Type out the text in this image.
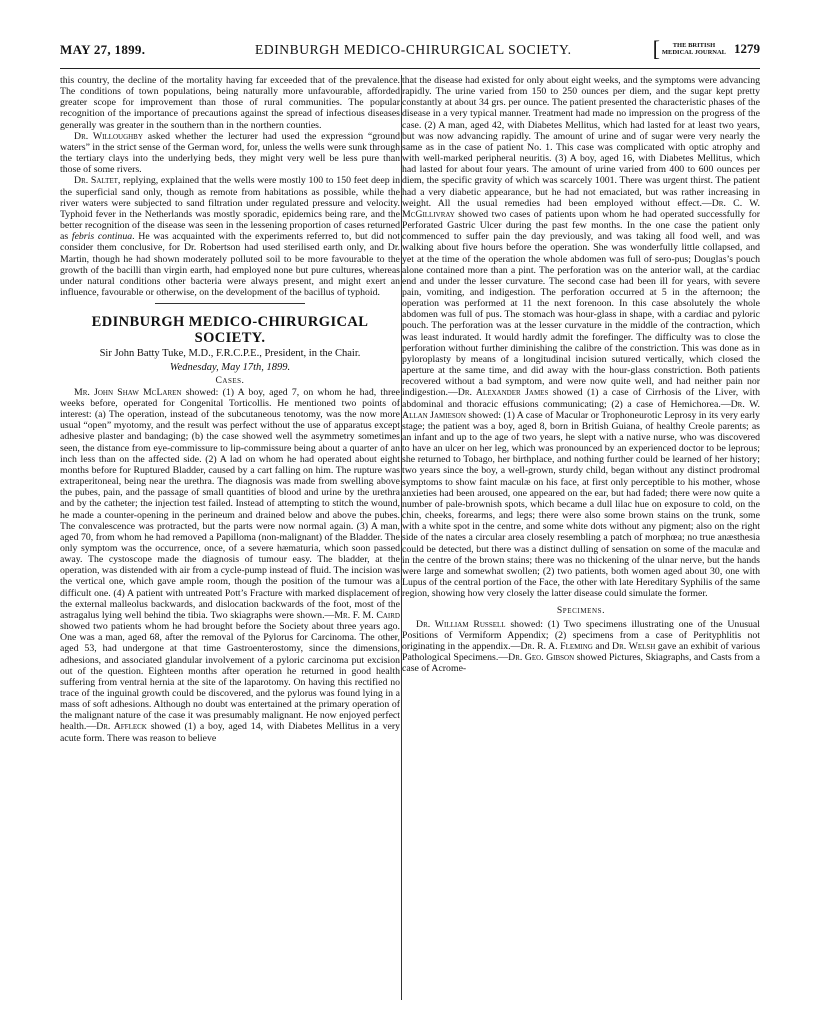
MAY 27, 1899.	EDINBURGH MEDICO-CHIRURGICAL SOCIETY.	[	THE BRITISH
MEDICAL JOURNAL 1279

this country, the decline of the mortality having far exceeded that of the prevalence. The conditions of town populations, being naturally more unfavourable, afforded greater scope for improvement than those of rural communities. The popular recognition of the importance of precautions against the spread of infectious diseases generally was greater in the southern than in the northern counties.

Dr. Willoughby asked whether the lecturer had used the expression “ground waters” in the strict sense of the German word, for, unless the wells were sunk through the tertiary clays into the underlying beds, they might very well be less pure than those of some rivers.

Dr. Saltet, replying, explained that the wells were mostly 100 to 150 feet deep in the superficial sand only, though as remote from habitations as possible, while the river waters were subjected to sand filtration under regulated pressure and velocity. Typhoid fever in the Netherlands was mostly sporadic, epidemics being rare, and the better recognition of the disease was seen in the lessening proportion of cases returned as febris continua. He was acquainted with the experiments referred to, but did not consider them conclusive, for Dr. Robertson had used sterilised earth only, and Dr. Martin, though he had shown moderately polluted soil to be more favourable to the growth of the bacilli than virgin earth, had employed none but pure cultures, whereas under natural conditions other bacteria were always present, and might exert an influence, favourable or otherwise, on the development of the bacillus of typhoid.

EDINBURGH MEDICO-CHIRURGICAL SOCIETY.

Sir John Batty Tuke, M.D., F.R.C.P.E., President, in the Chair.

Wednesday, May 17th, 1899.

Cases.

Mr. John Shaw McLaren showed: (1) A boy, aged 7, on whom he had, three weeks before, operated for Congenital Torticollis. He mentioned two points of interest: (a) The operation, instead of the subcutaneous tenotomy, was the now more usual “open” myotomy, and the result was perfect without the use of apparatus except adhesive plaster and bandaging; (b) the case showed well the asymmetry sometimes seen, the distance from eye-commissure to lip-commissure being about a quarter of an inch less than on the affected side. (2) A lad on whom he had operated about eight months before for Ruptured Bladder, caused by a cart falling on him. The rupture was extraperitoneal, being near the urethra. The diagnosis was made from swelling above the pubes, pain, and the passage of small quantities of blood and urine by the urethra and by the catheter; the injection test failed. Instead of attempting to stitch the wound, he made a counter-opening in the perineum and drained below and above the pubes. The convalescence was protracted, but the parts were now normal again. (3) A man, aged 70, from whom he had removed a Papilloma (non-malignant) of the Bladder. The only symptom was the occurrence, once, of a severe hæmaturia, which soon passed away. The cystoscope made the diagnosis of tumour easy. The bladder, at the operation, was distended with air from a cycle-pump instead of fluid. The incision was the vertical one, which gave ample room, though the position of the tumour was a difficult one. (4) A patient with untreated Pott’s Fracture with marked displacement of the external malleolus backwards, and dislocation backwards of the foot, most of the astragalus lying well behind the tibia. Two skiagraphs were shown.—Mr. F. M. Caird showed two patients whom he had brought before the Society about three years ago. One was a man, aged 68, after the removal of the Pylorus for Carcinoma. The other, aged 53, had undergone at that time Gastroenterostomy, since the dimensions, adhesions, and associated glandular involvement of a pyloric carcinoma put excision out of the question. Eighteen months after operation he returned in good health suffering from ventral hernia at the site of the laparotomy. On having this rectified no trace of the inguinal growth could be discovered, and the pylorus was found lying in a mass of soft adhesions. Although no doubt was entertained at the primary operation of the malignant nature of the case it was presumably malignant. He now enjoyed perfect health.—Dr. Affleck showed (1) a boy, aged 14, with Diabetes Mellitus in a very acute form. There was reason to believe

that the disease had existed for only about eight weeks, and the symptoms were advancing rapidly. The urine varied from 150 to 250 ounces per diem, and the sugar kept pretty constantly at about 34 grs. per ounce. The patient presented the characteristic phases of the disease in a very typical manner. Treatment had made no impression on the progress of the case. (2) A man, aged 42, with Diabetes Mellitus, which had lasted for at least two years, but was now advancing rapidly. The amount of urine and of sugar were very nearly the same as in the case of patient No. 1. This case was complicated with optic atrophy and with well-marked peripheral neuritis. (3) A boy, aged 16, with Diabetes Mellitus, which had lasted for about four years. The amount of urine varied from 400 to 600 ounces per diem, the specific gravity of which was scarcely 1001. There was urgent thirst. The patient had a very diabetic appearance, but he had not emaciated, but was rather increasing in weight. All the usual remedies had been employed without effect.—Dr. C. W. McGillivray showed two cases of patients upon whom he had operated successfully for Perforated Gastric Ulcer during the past few months. In the one case the patient only commenced to suffer pain the day previously, and was taking all food well, and was walking about five hours before the operation. She was wonderfully little collapsed, and yet at the time of the operation the whole abdomen was full of sero-pus; Douglas’s pouch alone contained more than a pint. The perforation was on the anterior wall, at the cardiac end and under the lesser curvature. The second case had been ill for years, with severe pain, vomiting, and indigestion. The perforation occurred at 5 in the afternoon; the operation was performed at 11 the next forenoon. In this case absolutely the whole abdomen was full of pus. The stomach was hour-glass in shape, with a cardiac and pyloric pouch. The perforation was at the lesser curvature in the middle of the contraction, which was least indurated. It would hardly admit the forefinger. The difficulty was to close the perforation without further diminishing the calibre of the constriction. This was done as in pyloroplasty by means of a longitudinal incision sutured vertically, which closed the aperture at the same time, and did away with the hour-glass constriction. Both patients recovered without a bad symptom, and were now quite well, and had neither pain nor indigestion.—Dr. Alexander James showed (1) a case of Cirrhosis of the Liver, with abdominal and thoracic effusions communicating; (2) a case of Hemichorea.—Dr. W. Allan Jamieson showed: (1) A case of Macular or Trophoneurotic Leprosy in its very early stage; the patient was a boy, aged 8, born in British Guiana, of healthy Creole parents; as an infant and up to the age of two years, he slept with a native nurse, who was discovered to have an ulcer on her leg, which was pronounced by an experienced doctor to be leprous; she returned to Tobago, her birthplace, and nothing further could be learned of her history; two years since the boy, a well-grown, sturdy child, began without any distinct prodromal symptoms to show faint maculæ on his face, at first only perceptible to his mother, whose anxieties had been aroused, one appeared on the ear, but had faded; there were now quite a number of pale-brownish spots, which became a dull lilac hue on exposure to cold, on the chin, cheeks, forearms, and legs; there were also some brown stains on the trunk, some with a white spot in the centre, and some white dots without any pigment; also on the right side of the nates a circular area closely resembling a patch of morphœa; no true anæsthesia could be detected, but there was a distinct dulling of sensation on some of the maculæ and in the centre of the brown stains; there was no thickening of the ulnar nerve, but the hands were large and somewhat swollen; (2) two patients, both women aged about 30, one with Lupus of the central portion of the Face, the other with late Hereditary Syphilis of the same region, showing how very closely the latter disease could simulate the former.

Specimens.

Dr. William Russell showed: (1) Two specimens illustrating one of the Unusual Positions of Vermiform Appendix; (2) specimens from a case of Perityphlitis not originating in the appendix.—Dr. R. A. Fleming and Dr. Welsh gave an exhibit of various Pathological Specimens.—Dr. Geo. Gibson showed Pictures, Skiagraphs, and Casts from a case of Acrome-
